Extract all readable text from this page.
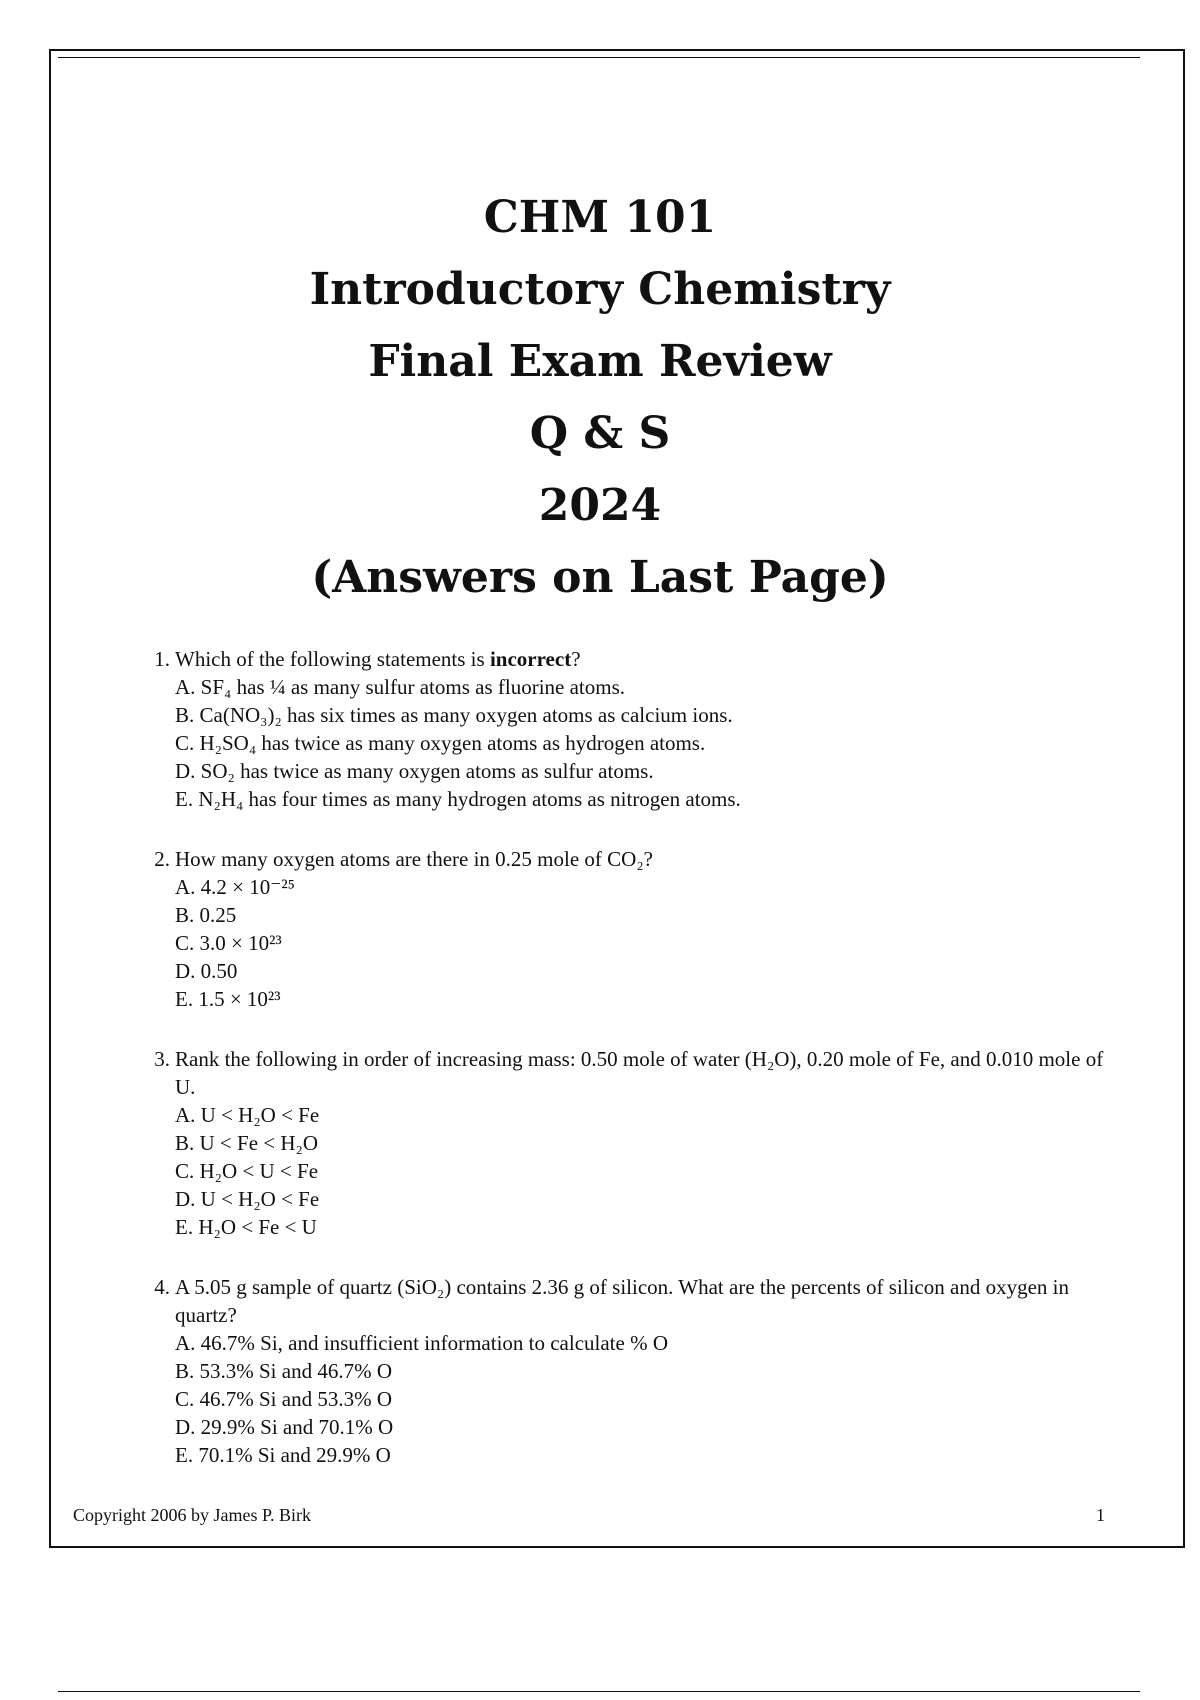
CHM 101
Introductory Chemistry
Final Exam Review
Q & S
2024
(Answers on Last Page)
1. Which of the following statements is incorrect?
A. SF₄ has ¼ as many sulfur atoms as fluorine atoms.
B. Ca(NO₃)₂ has six times as many oxygen atoms as calcium ions.
C. H₂SO₄ has twice as many oxygen atoms as hydrogen atoms.
D. SO₂ has twice as many oxygen atoms as sulfur atoms.
E. N₂H₄ has four times as many hydrogen atoms as nitrogen atoms.
2. How many oxygen atoms are there in 0.25 mole of CO₂?
A. 4.2 × 10⁻²⁵
B. 0.25
C. 3.0 × 10²³
D. 0.50
E. 1.5 × 10²³
3. Rank the following in order of increasing mass: 0.50 mole of water (H₂O), 0.20 mole of Fe, and 0.010 mole of U.
A. U < H₂O < Fe
B. U < Fe < H₂O
C. H₂O < U < Fe
D. U < H₂O < Fe
E. H₂O < Fe < U
4. A 5.05 g sample of quartz (SiO₂) contains 2.36 g of silicon. What are the percents of silicon and oxygen in quartz?
A. 46.7% Si, and insufficient information to calculate % O
B. 53.3% Si and 46.7% O
C. 46.7% Si and 53.3% O
D. 29.9% Si and 70.1% O
E. 70.1% Si and 29.9% O
Copyright 2006 by James P. Birk	1
